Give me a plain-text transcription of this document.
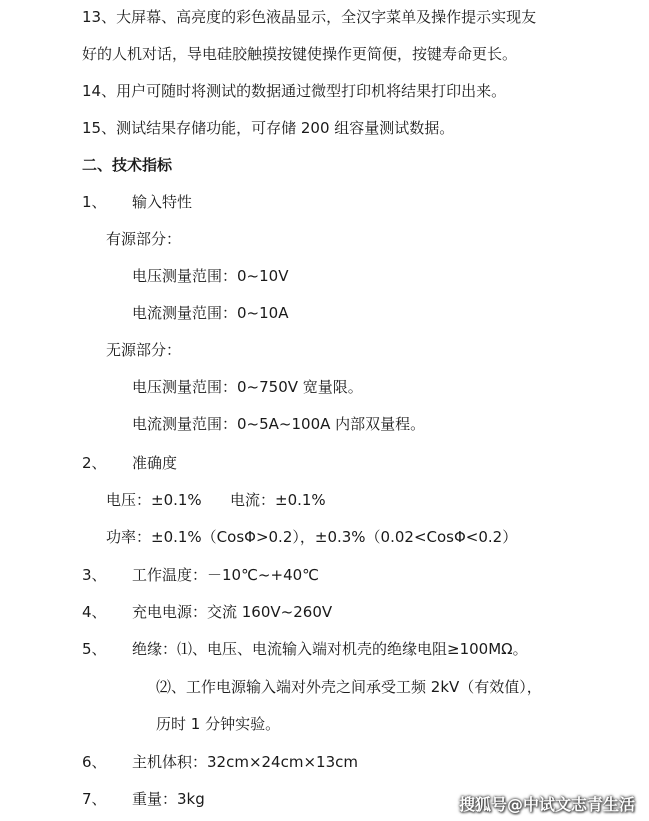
13、大屏幕、高亮度的彩色液晶显示，全汉字菜单及操作提示实现友
好的人机对话，导电硅胶触摸按键使操作更简便，按键寿命更长。
14、用户可随时将测试的数据通过微型打印机将结果打印出来。
15、测试结果存储功能，可存储 200 组容量测试数据。
二、技术指标
1、 输入特性
有源部分：
电压测量范围：0~10V
电流测量范围：0~10A
无源部分：
电压测量范围：0~750V 宽量限。
电流测量范围：0~5A~100A 内部双量程。
2、 准确度
电压：±0.1% 电流：±0.1%
功率：±0.1%（CosΦ>0.2），±0.3%（0.02<CosΦ<0.2）
3、 工作温度：－10℃~+40℃
4、 充电电源：交流 160V~260V
5、 绝缘：⑴、电压、电流输入端对机壳的绝缘电阻≥100MΩ。
⑵、工作电源输入端对外壳之间承受工频 2kV（有效值），
历时 1 分钟实验。
6、 主机体积：32cm×24cm×13cm
7、 重量：3kg	搜狐号@中试文志青生活
